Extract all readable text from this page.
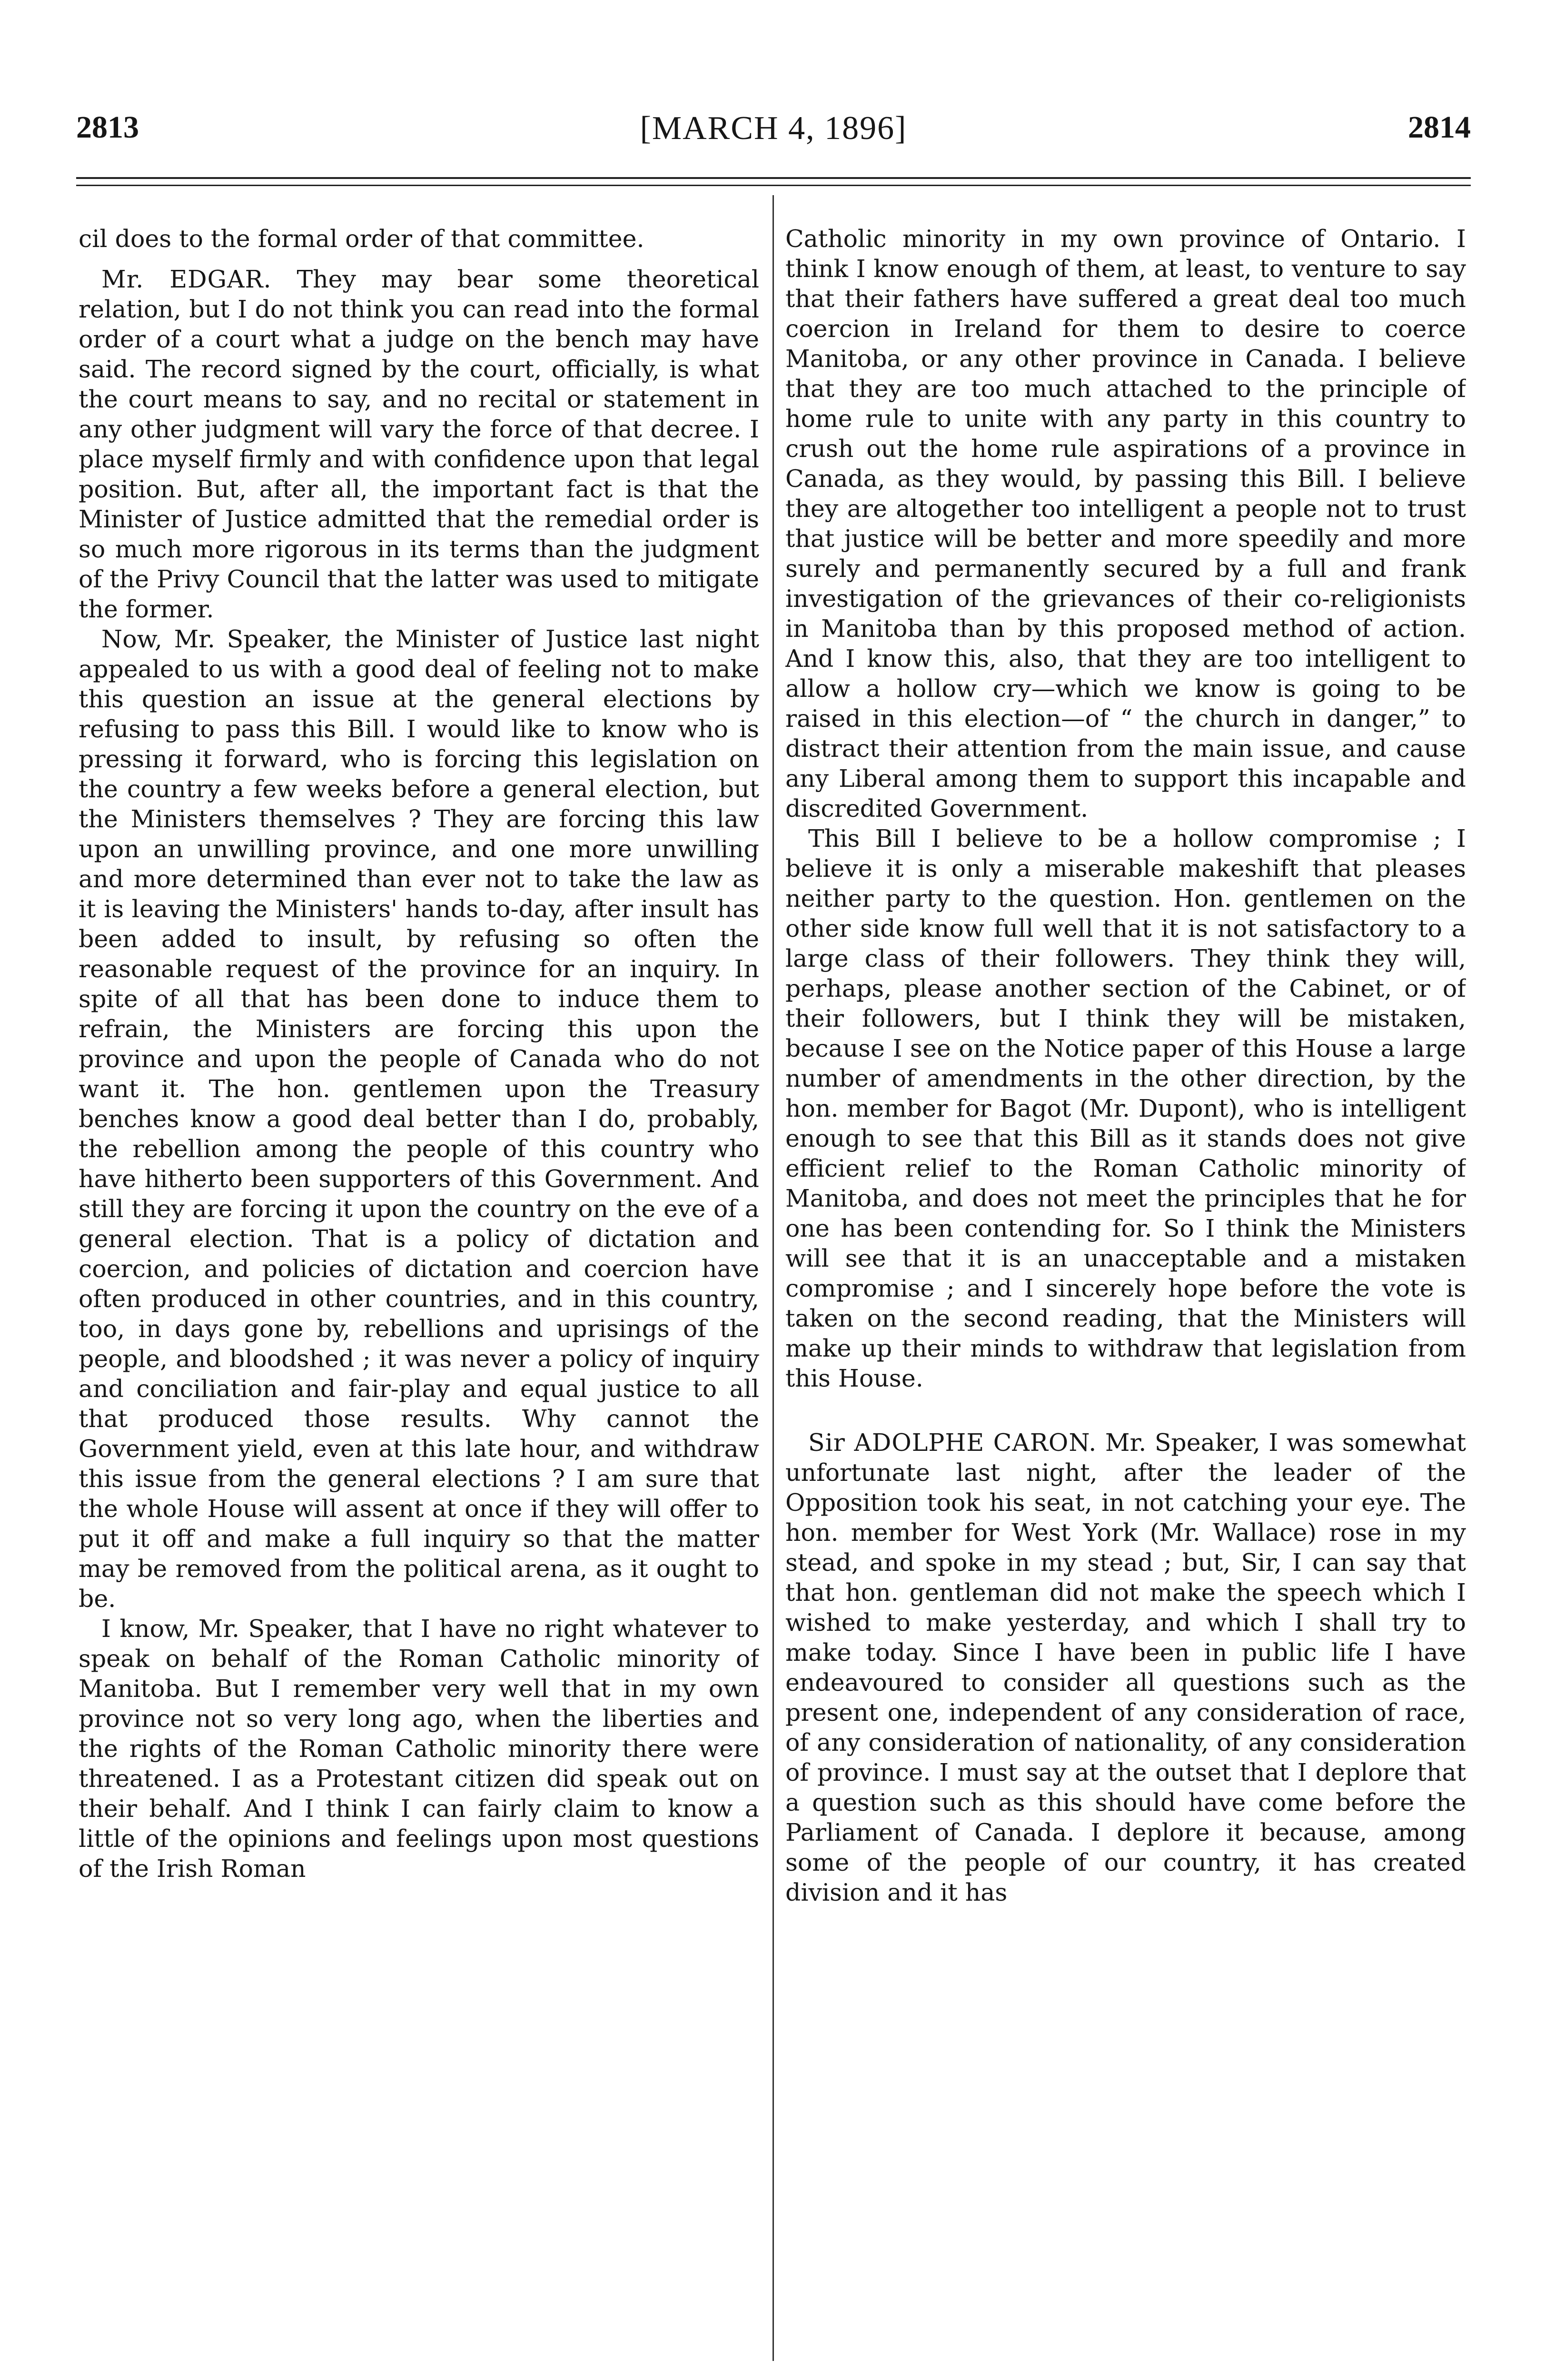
2813	[MARCH 4, 1896]	2814

cil does to the formal order of that committee.

Mr. EDGAR. They may bear some theoretical relation, but I do not think you can read into the formal order of a court what a judge on the bench may have said. The record signed by the court, officially, is what the court means to say, and no recital or statement in any other judgment will vary the force of that decree. I place myself firmly and with confidence upon that legal position. But, after all, the important fact is that the Minister of Justice admitted that the remedial order is so much more rigorous in its terms than the judgment of the Privy Council that the latter was used to mitigate the former.

Now, Mr. Speaker, the Minister of Justice last night appealed to us with a good deal of feeling not to make this question an issue at the general elections by refusing to pass this Bill. I would like to know who is pressing it forward, who is forcing this legislation on the country a few weeks before a general election, but the Ministers themselves ? They are forcing this law upon an unwilling province, and one more unwilling and more determined than ever not to take the law as it is leaving the Ministers' hands to-day, after insult has been added to insult, by refusing so often the reasonable request of the province for an inquiry. In spite of all that has been done to induce them to refrain, the Ministers are forcing this upon the province and upon the people of Canada who do not want it. The hon. gentlemen upon the Treasury benches know a good deal better than I do, probably, the rebellion among the people of this country who have hitherto been supporters of this Government. And still they are forcing it upon the country on the eve of a general election. That is a policy of dictation and coercion, and policies of dictation and coercion have often produced in other countries, and in this country, too, in days gone by, rebellions and uprisings of the people, and bloodshed ; it was never a policy of inquiry and conciliation and fair-play and equal justice to all that produced those results. Why cannot the Government yield, even at this late hour, and withdraw this issue from the general elections ? I am sure that the whole House will assent at once if they will offer to put it off and make a full inquiry so that the matter may be removed from the political arena, as it ought to be.

I know, Mr. Speaker, that I have no right whatever to speak on behalf of the Roman Catholic minority of Manitoba. But I remember very well that in my own province not so very long ago, when the liberties and the rights of the Roman Catholic minority there were threatened. I as a Protestant citizen did speak out on their behalf. And I think I can fairly claim to know a little of the opinions and feelings upon most questions of the Irish Roman

Catholic minority in my own province of Ontario. I think I know enough of them, at least, to venture to say that their fathers have suffered a great deal too much coercion in Ireland for them to desire to coerce Manitoba, or any other province in Canada. I believe that they are too much attached to the principle of home rule to unite with any party in this country to crush out the home rule aspirations of a province in Canada, as they would, by passing this Bill. I believe they are altogether too intelligent a people not to trust that justice will be better and more speedily and more surely and permanently secured by a full and frank investigation of the grievances of their co-religionists in Manitoba than by this proposed method of action. And I know this, also, that they are too intelligent to allow a hollow cry—which we know is going to be raised in this election—of “ the church in danger,” to distract their attention from the main issue, and cause any Liberal among them to support this incapable and discredited Government.

This Bill I believe to be a hollow compromise ; I believe it is only a miserable makeshift that pleases neither party to the question. Hon. gentlemen on the other side know full well that it is not satisfactory to a large class of their followers. They think they will, perhaps, please another section of the Cabinet, or of their followers, but I think they will be mistaken, because I see on the Notice paper of this House a large number of amendments in the other direction, by the hon. member for Bagot (Mr. Dupont), who is intelligent enough to see that this Bill as it stands does not give efficient relief to the Roman Catholic minority of Manitoba, and does not meet the principles that he for one has been contending for. So I think the Ministers will see that it is an unacceptable and a mistaken compromise ; and I sincerely hope before the vote is taken on the second reading, that the Ministers will make up their minds to withdraw that legislation from this House.

Sir ADOLPHE CARON. Mr. Speaker, I was somewhat unfortunate last night, after the leader of the Opposition took his seat, in not catching your eye. The hon. member for West York (Mr. Wallace) rose in my stead, and spoke in my stead ; but, Sir, I can say that that hon. gentleman did not make the speech which I wished to make yesterday, and which I shall try to make today. Since I have been in public life I have endeavoured to consider all questions such as the present one, independent of any consideration of race, of any consideration of nationality, of any consideration of province. I must say at the outset that I deplore that a question such as this should have come before the Parliament of Canada. I deplore it because, among some of the people of our country, it has created division and it has
